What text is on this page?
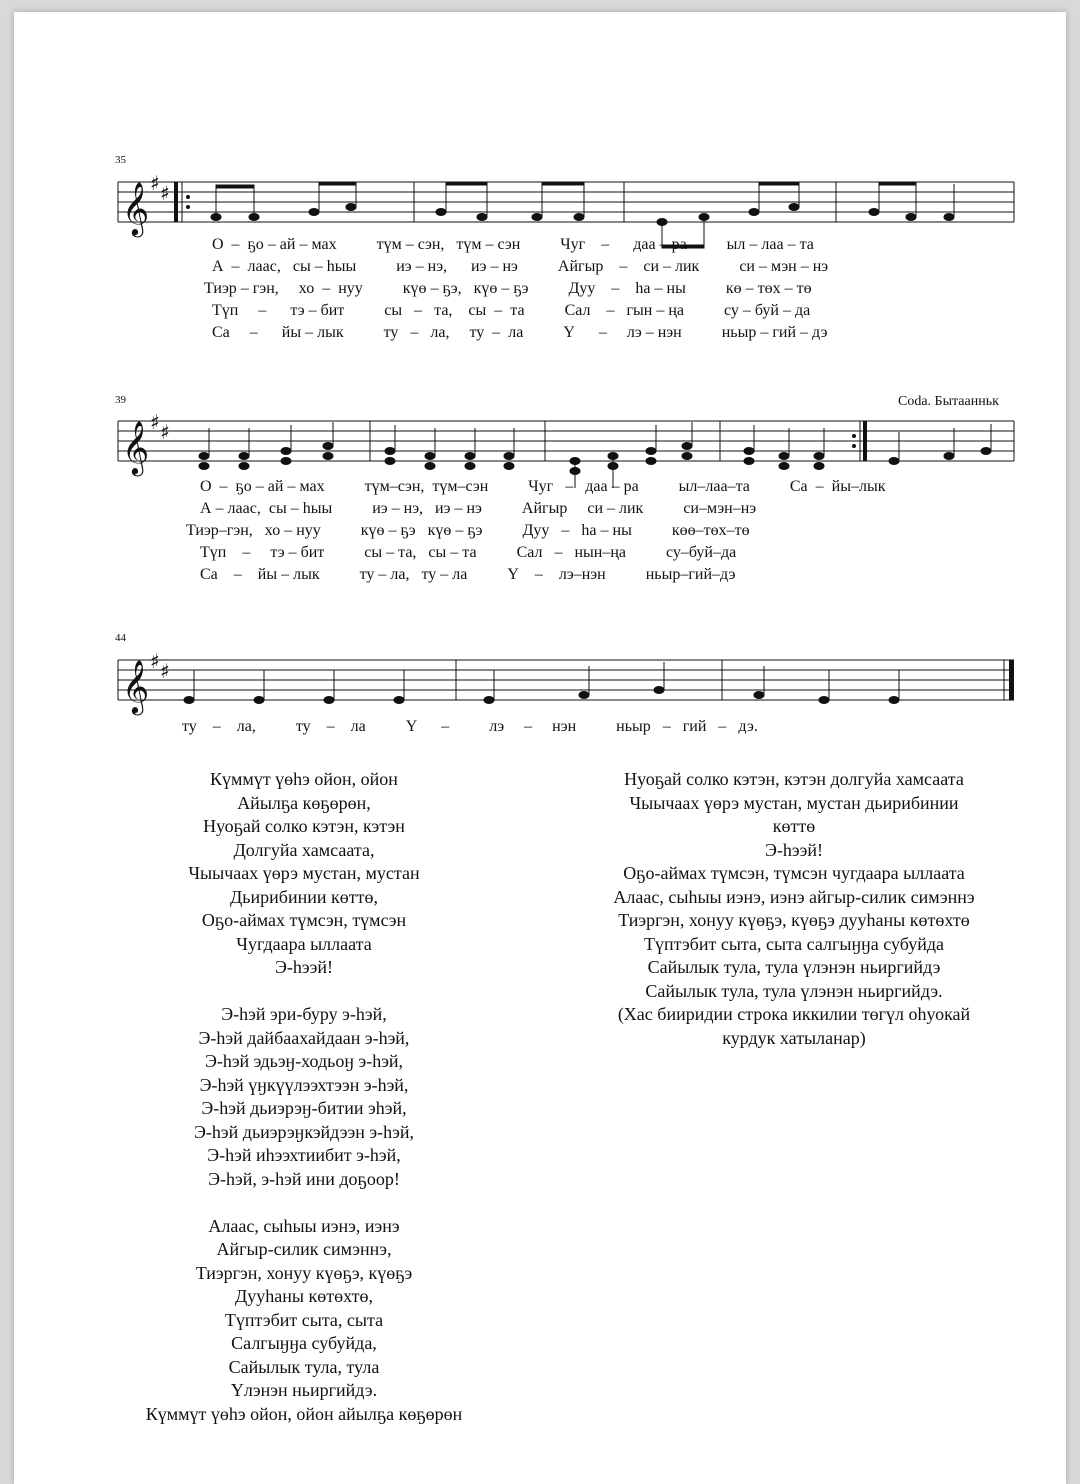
35
39
44
Coda. Бытаанньк
𝄞
𝄞
𝄞
♯ ♯
♯ ♯
♯ ♯
О  –  ҕо – ай – мах          түм – сэн,   түм – сэн          Чуг    –      даа – ра          ыл – лаа – та
А  –  лаас,   сы – һыы          иэ – нэ,      иэ – нэ          Айгыр    –    си – лик          си – мэн – нэ
Тиэр – гэн,     хо  –  нуу          күө – ҕэ,   күө – ҕэ          Дуу    –    һа – ны          кө – төх – тө
Түп     –      тэ – бит          сы   –   та,    сы  –  та          Сал    –   гын – ңа          су – буй – да
Са     –      йы – лык          ту   –   ла,     ту  –  ла          Ү      –     лэ – нэн          ньыр – гий – дэ
О  –  ҕо – ай – мах          түм–сэн,  түм–сэн          Чуг   –   даа – ра          ыл–лаа–та          Са  –  йы–лык
А – лаас,  сы – һыы          иэ – нэ,   иэ – нэ          Айгыр     си – лик          си–мэн–нэ
Тиэр–гэн,   хо – нуу          күө – ҕэ   күө – ҕэ          Дуу   –   һа – ны          көө–төх–тө
Түп    –     тэ – бит          сы – та,   сы – та          Сал   –   нын–ңа          су–буй–да
Са    –    йы – лык          ту – ла,   ту – ла          Ү    –    лэ–нэн          ньыр–гий–дэ
ту    –    ла,          ту    –    ла          Ү      –          лэ     –     нэн          ньыр   –   гий   –   дэ.
Күммүт үөһэ ойон, ойон
Айылҕа көҕөрөн,
Нуоҕай солко кэтэн, кэтэн
Долгуйа хамсаата,
Чыычаах үөрэ мустан, мустан
Дьирибинии көттө,
Оҕо-аймах түмсэн, түмсэн
Чугдаара ыллаата
Э-һээй!
Э-һэй эри-буру э-һэй,
Э-һэй дайбаахайдаан э-һэй,
Э-һэй эдьэӈ-ходьоӈ э-һэй,
Э-һэй үӈкүүлээхтээн э-һэй,
Э-һэй дьиэрэӈ-битии эһэй,
Э-һэй дьиэрэӈкэйдээн э-һэй,
Э-һэй иһээхтиибит э-һэй,
Э-һэй, э-һэй ини доҕоор!
Алаас, сыһыы иэнэ, иэнэ
Айгыр-силик симэннэ,
Тиэргэн, хонуу күөҕэ, күөҕэ
Дууһаны көтөхтө,
Түптэбит сыта, сыта
Салгыӈӈа субуйда,
Сайылык тула, тула
Үлэнэн ньиргийдэ.
Күммүт үөһэ ойон, ойон айылҕа көҕөрөн
Нуоҕай солко кэтэн, кэтэн долгуйа хамсаата
Чыычаах үөрэ мустан, мустан дьирибинии
көттө
Э-һээй!
Оҕо-аймах түмсэн, түмсэн чугдаара ыллаата
Алаас, сыһыы иэнэ, иэнэ айгыр-силик симэннэ
Тиэргэн, хонуу күөҕэ, күөҕэ дууһаны көтөхтө
Түптэбит сыта, сыта салгыӈӈа субуйда
Сайылык тула, тула үлэнэн ньиргийдэ
Сайылык тула, тула үлэнэн ньиргийдэ.
(Хас бииридии строка иккилии төгүл оһуокай
курдук хатыланар)
